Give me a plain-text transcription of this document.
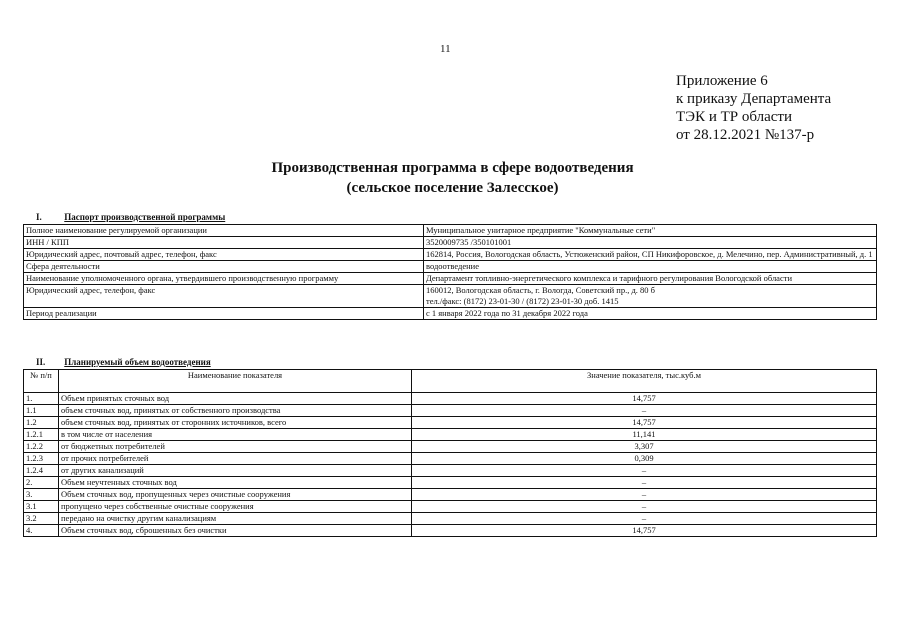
11
Приложение 6
к приказу Департамента
ТЭК и ТР области
от 28.12.2021 №137-р
Производственная программа в сфере водоотведения
(сельское поселение Залесское)
I. Паспорт производственной программы
Полное наименование регулируемой организации	Муниципальное унитарное предприятие "Коммунальные сети"
ИНН / КПП	3520009735 /350101001
Юридический адрес, почтовый адрес, телефон, факс	162814, Россия, Вологодская область, Устюженский район, СП Никифоровское, д. Мелечино, пер. Административный, д. 1
Сфера деятельности	водоотведение
Наименование уполномоченного органа, утвердившего производственную программу	Департамент топливно-энергетического комплекса и тарифного регулирования Вологодской области
Юридический адрес, телефон, факс	160012, Вологодская область, г. Вологда, Советский пр., д. 80 б
тел./факс: (8172) 23-01-30 / (8172) 23-01-30 доб. 1415

Период реализации	с 1 января 2022 года по 31 декабря 2022 года
II. Планируемый объем водоотведения
№ п/п	Наименование показателя	Значение показателя, тыс.куб.м
1.	Объем принятых сточных вод	14,757
1.1	объем сточных вод, принятых от собственного производства	–
1.2	объем сточных вод, принятых от сторонних источников, всего	14,757
1.2.1	в том числе от населения	11,141
1.2.2	от бюджетных потребителей	3,307
1.2.3	от прочих потребителей	0,309
1.2.4	от других канализаций	–
2.	Объем неучтенных сточных вод	–
3.	Объем сточных вод, пропущенных через очистные сооружения	–
3.1	пропущено через собственные очистные сооружения	–
3.2	передано на очистку другим канализациям	–
4.	Объем сточных вод, сброшенных без очистки	14,757
